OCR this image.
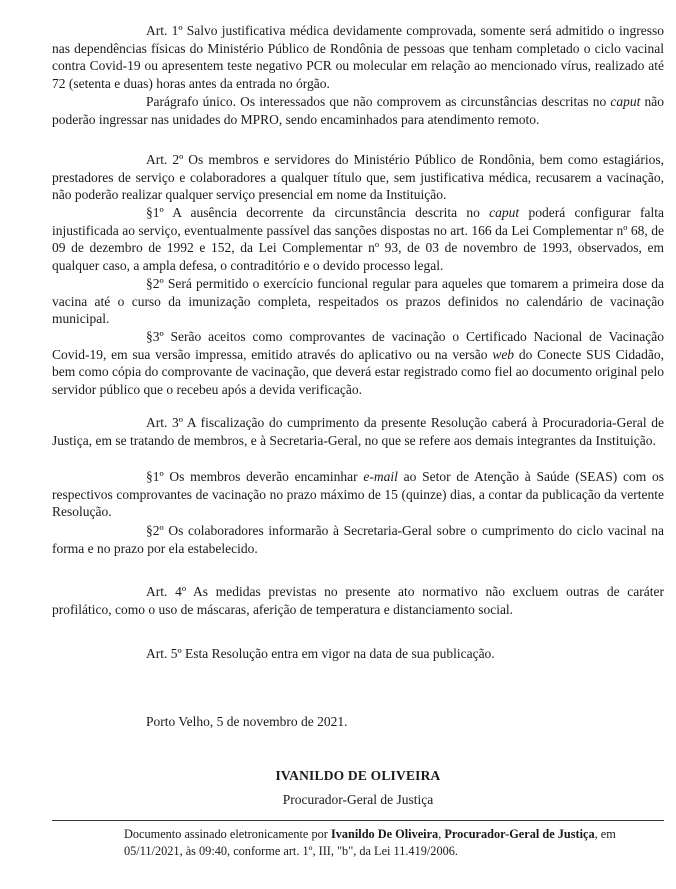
Art. 1º Salvo justificativa médica devidamente comprovada, somente será admitido o ingresso nas dependências físicas do Ministério Público de Rondônia de pessoas que tenham completado o ciclo vacinal contra Covid-19 ou apresentem teste negativo PCR ou molecular em relação ao mencionado vírus, realizado até 72 (setenta e duas) horas antes da entrada no órgão.

Parágrafo único. Os interessados que não comprovem as circunstâncias descritas no caput não poderão ingressar nas unidades do MPRO, sendo encaminhados para atendimento remoto.

Art. 2º Os membros e servidores do Ministério Público de Rondônia, bem como estagiários, prestadores de serviço e colaboradores a qualquer título que, sem justificativa médica, recusarem a vacinação, não poderão realizar qualquer serviço presencial em nome da Instituição.

§1º A ausência decorrente da circunstância descrita no caput poderá configurar falta injustificada ao serviço, eventualmente passível das sanções dispostas no art. 166 da Lei Complementar nº 68, de 09 de dezembro de 1992 e 152, da Lei Complementar nº 93, de 03 de novembro de 1993, observados, em qualquer caso, a ampla defesa, o contraditório e o devido processo legal.

§2º Será permitido o exercício funcional regular para aqueles que tomarem a primeira dose da vacina até o curso da imunização completa, respeitados os prazos definidos no calendário de vacinação municipal.

§3º Serão aceitos como comprovantes de vacinação o Certificado Nacional de Vacinação Covid-19, em sua versão impressa, emitido através do aplicativo ou na versão web do Conecte SUS Cidadão, bem como cópia do comprovante de vacinação, que deverá estar registrado como fiel ao documento original pelo servidor público que o recebeu após a devida verificação.

Art. 3º A fiscalização do cumprimento da presente Resolução caberá à Procuradoria-Geral de Justiça, em se tratando de membros, e à Secretaria-Geral, no que se refere aos demais integrantes da Instituição.

§1º Os membros deverão encaminhar e-mail ao Setor de Atenção à Saúde (SEAS) com os respectivos comprovantes de vacinação no prazo máximo de 15 (quinze) dias, a contar da publicação da vertente Resolução.

§2º Os colaboradores informarão à Secretaria-Geral sobre o cumprimento do ciclo vacinal na forma e no prazo por ela estabelecido.

Art. 4º As medidas previstas no presente ato normativo não excluem outras de caráter profilático, como o uso de máscaras, aferição de temperatura e distanciamento social.

Art. 5º Esta Resolução entra em vigor na data de sua publicação.

Porto Velho, 5 de novembro de 2021.

IVANILDO DE OLIVEIRA
Procurador-Geral de Justiça
Documento assinado eletronicamente por Ivanildo De Oliveira, Procurador-Geral de Justiça, em
05/11/2021, às 09:40, conforme art. 1º, III, "b", da Lei 11.419/2006.
